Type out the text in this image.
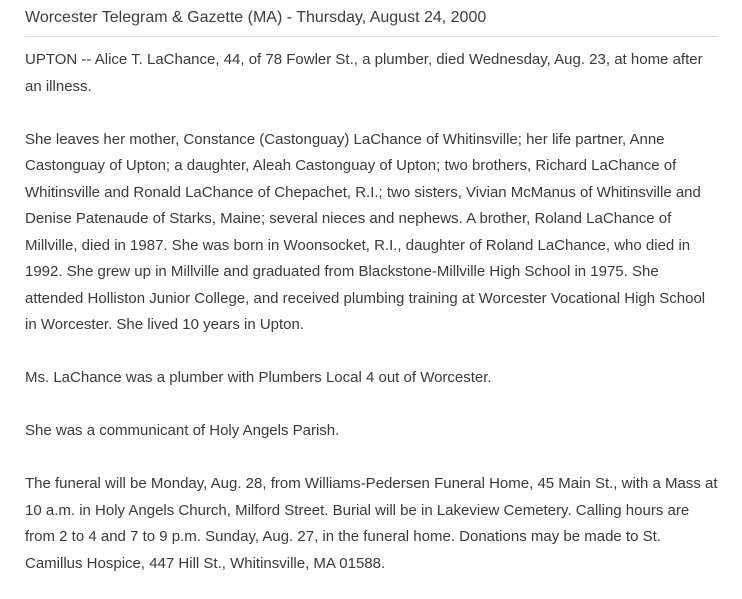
Worcester Telegram & Gazette (MA) - Thursday, August 24, 2000

UPTON -- Alice T. LaChance, 44, of 78 Fowler St., a plumber, died Wednesday, Aug. 23, at home after an illness.

She leaves her mother, Constance (Castonguay) LaChance of Whitinsville; her life partner, Anne Castonguay of Upton; a daughter, Aleah Castonguay of Upton; two brothers, Richard LaChance of Whitinsville and Ronald LaChance of Chepachet, R.I.; two sisters, Vivian McManus of Whitinsville and Denise Patenaude of Starks, Maine; several nieces and nephews. A brother, Roland LaChance of Millville, died in 1987. She was born in Woonsocket, R.I., daughter of Roland LaChance, who died in 1992. She grew up in Millville and graduated from Blackstone-Millville High School in 1975. She attended Holliston Junior College, and received plumbing training at Worcester Vocational High School in Worcester. She lived 10 years in Upton.

Ms. LaChance was a plumber with Plumbers Local 4 out of Worcester.

She was a communicant of Holy Angels Parish.

The funeral will be Monday, Aug. 28, from Williams-Pedersen Funeral Home, 45 Main St., with a Mass at 10 a.m. in Holy Angels Church, Milford Street. Burial will be in Lakeview Cemetery. Calling hours are from 2 to 4 and 7 to 9 p.m. Sunday, Aug. 27, in the funeral home. Donations may be made to St. Camillus Hospice, 447 Hill St., Whitinsville, MA 01588.
